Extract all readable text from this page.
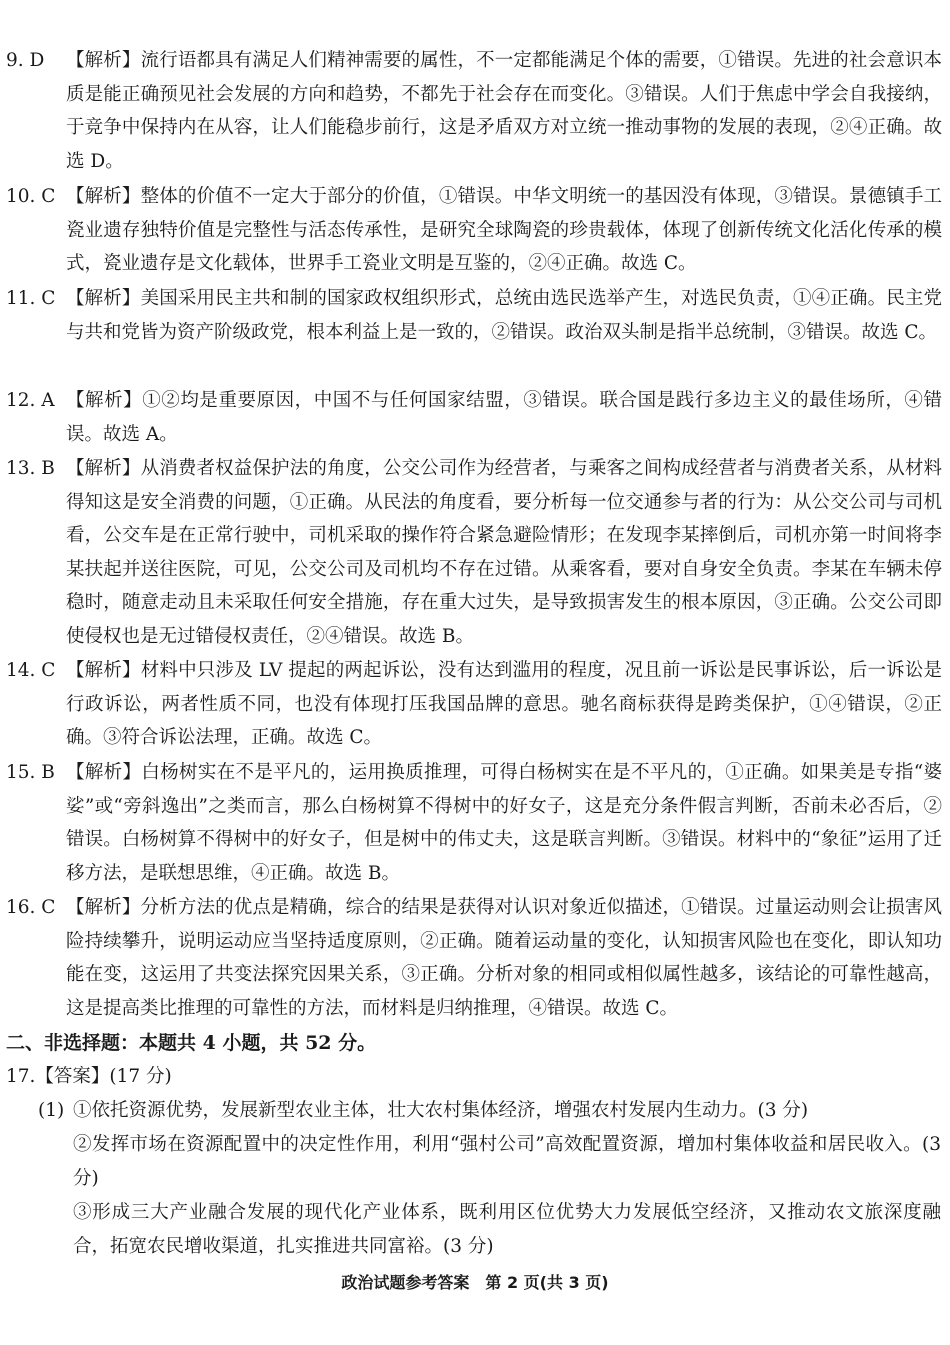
9. D	【解析】流行语都具有满足人们精神需要的属性，不一定都能满足个体的需要，①错误。先进的社会意识本质是能正确预见社会发展的方向和趋势，不都先于社会存在而变化。③错误。人们于焦虑中学会自我接纳，于竞争中保持内在从容，让人们能稳步前行，这是矛盾双方对立统一推动事物的发展的表现，②④正确。故选 D。
10. C 【解析】整体的价值不一定大于部分的价值，①错误。中华文明统一的基因没有体现，③错误。景德镇手工瓷业遗存独特价值是完整性与活态传承性，是研究全球陶瓷的珍贵载体，体现了创新传统文化活化传承的模式，瓷业遗存是文化载体，世界手工瓷业文明是互鉴的，②④正确。故选 C。
11. C 【解析】美国采用民主共和制的国家政权组织形式，总统由选民选举产生，对选民负责，①④正确。民主党与共和党皆为资产阶级政党，根本利益上是一致的，②错误。政治双头制是指半总统制，③错误。故选 C。
12. A 【解析】①②均是重要原因，中国不与任何国家结盟，③错误。联合国是践行多边主义的最佳场所，④错误。故选 A。
13. B 【解析】从消费者权益保护法的角度，公交公司作为经营者，与乘客之间构成经营者与消费者关系，从材料得知这是安全消费的问题，①正确。从民法的角度看，要分析每一位交通参与者的行为：从公交公司与司机看，公交车是在正常行驶中，司机采取的操作符合紧急避险情形；在发现李某摔倒后，司机亦第一时间将李某扶起并送往医院，可见，公交公司及司机均不存在过错。从乘客看，要对自身安全负责。李某在车辆未停稳时，随意走动且未采取任何安全措施，存在重大过失，是导致损害发生的根本原因，③正确。公交公司即使侵权也是无过错侵权责任，②④错误。故选 B。
14. C 【解析】材料中只涉及 LV 提起的两起诉讼，没有达到滥用的程度，况且前一诉讼是民事诉讼，后一诉讼是行政诉讼，两者性质不同，也没有体现打压我国品牌的意思。驰名商标获得是跨类保护，①④错误，②正确。③符合诉讼法理，正确。故选 C。
15. B 【解析】白杨树实在不是平凡的，运用换质推理，可得白杨树实在是不平凡的，①正确。如果美是专指“婆娑”或“旁斜逸出”之类而言，那么白杨树算不得树中的好女子，这是充分条件假言判断，否前未必否后，②错误。白杨树算不得树中的好女子，但是树中的伟丈夫，这是联言判断。③错误。材料中的“象征”运用了迁移方法，是联想思维，④正确。故选 B。
16. C 【解析】分析方法的优点是精确，综合的结果是获得对认识对象近似描述，①错误。过量运动则会让损害风险持续攀升，说明运动应当坚持适度原则，②正确。随着运动量的变化，认知损害风险也在变化，即认知功能在变，这运用了共变法探究因果关系，③正确。分析对象的相同或相似属性越多，该结论的可靠性越高，这是提高类比推理的可靠性的方法，而材料是归纳推理，④错误。故选 C。
二、非选择题：本题共 4 小题，共 52 分。
17.【答案】(17 分)
(1) ①依托资源优势，发展新型农业主体，壮大农村集体经济，增强农村发展内生动力。(3 分)
②发挥市场在资源配置中的决定性作用，利用“强村公司”高效配置资源，增加村集体收益和居民收入。(3 分)
③形成三大产业融合发展的现代化产业体系，既利用区位优势大力发展低空经济，又推动农文旅深度融合，拓宽农民增收渠道，扎实推进共同富裕。(3 分)
政治试题参考答案　第 2 页(共 3 页)
